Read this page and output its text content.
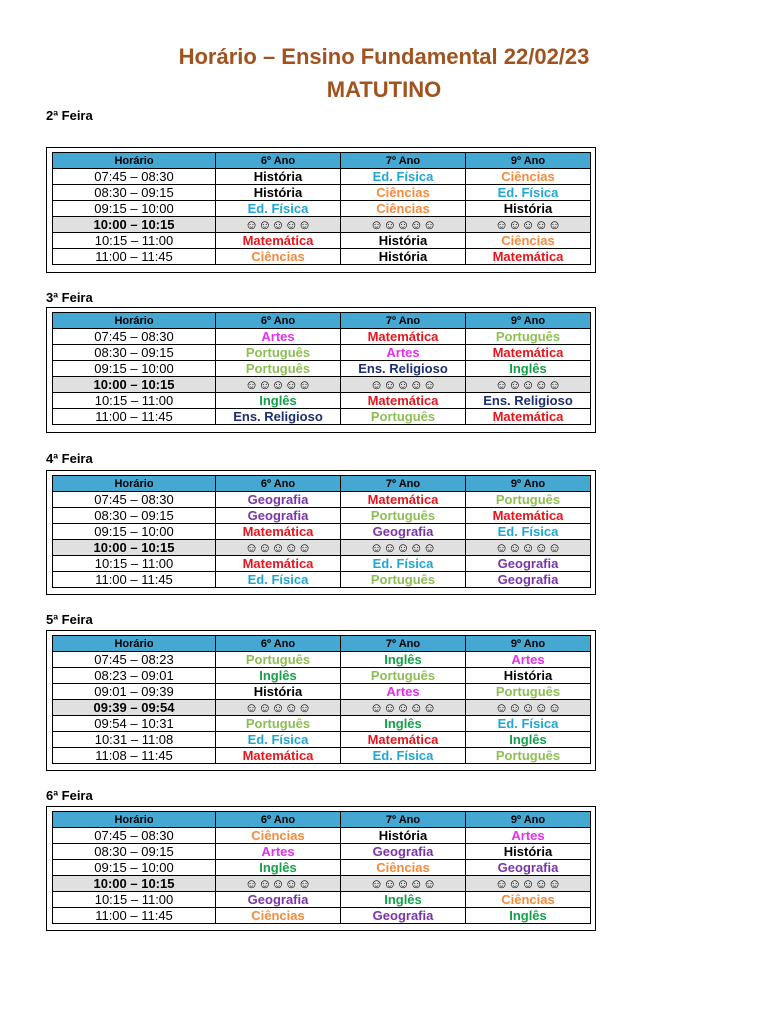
Horário – Ensino Fundamental 22/02/23
MATUTINO
2ª Feira
Horário	6º Ano	7º Ano	9º Ano
07:45 – 08:30	História	Ed. Física	Ciências
08:30 – 09:15	História	Ciências	Ed. Física
09:15 – 10:00	Ed. Física	Ciências	História
10:00 – 10:15	☺☺☺☺☺	☺☺☺☺☺	☺☺☺☺☺
10:15 – 11:00	Matemática	História	Ciências
11:00 – 11:45	Ciências	História	Matemática
3ª Feira
Horário	6º Ano	7º Ano	9º Ano
07:45 – 08:30	Artes	Matemática	Português
08:30 – 09:15	Português	Artes	Matemática
09:15 – 10:00	Português	Ens. Religioso	Inglês
10:00 – 10:15	☺☺☺☺☺	☺☺☺☺☺	☺☺☺☺☺
10:15 – 11:00	Inglês	Matemática	Ens. Religioso
11:00 – 11:45	Ens. Religioso	Português	Matemática
4ª Feira
Horário	6º Ano	7º Ano	9º Ano
07:45 – 08:30	Geografia	Matemática	Português
08:30 – 09:15	Geografia	Português	Matemática
09:15 – 10:00	Matemática	Geografia	Ed. Física
10:00 – 10:15	☺☺☺☺☺	☺☺☺☺☺	☺☺☺☺☺
10:15 – 11:00	Matemática	Ed. Física	Geografia
11:00 – 11:45	Ed. Física	Português	Geografia
5ª Feira
Horário	6º Ano	7º Ano	9º Ano
07:45 – 08:23	Português	Inglês	Artes
08:23 – 09:01	Inglês	Português	História
09:01 – 09:39	História	Artes	Português
09:39 – 09:54	☺☺☺☺☺	☺☺☺☺☺	☺☺☺☺☺
09:54 – 10:31	Português	Inglês	Ed. Física
10:31 – 11:08	Ed. Física	Matemática	Inglês
11:08 – 11:45	Matemática	Ed. Física	Português
6ª Feira
Horário	6º Ano	7º Ano	9º Ano
07:45 – 08:30	Ciências	História	Artes
08:30 – 09:15	Artes	Geografia	História
09:15 – 10:00	Inglês	Ciências	Geografia
10:00 – 10:15	☺☺☺☺☺	☺☺☺☺☺	☺☺☺☺☺
10:15 – 11:00	Geografia	Inglês	Ciências
11:00 – 11:45	Ciências	Geografia	Inglês
